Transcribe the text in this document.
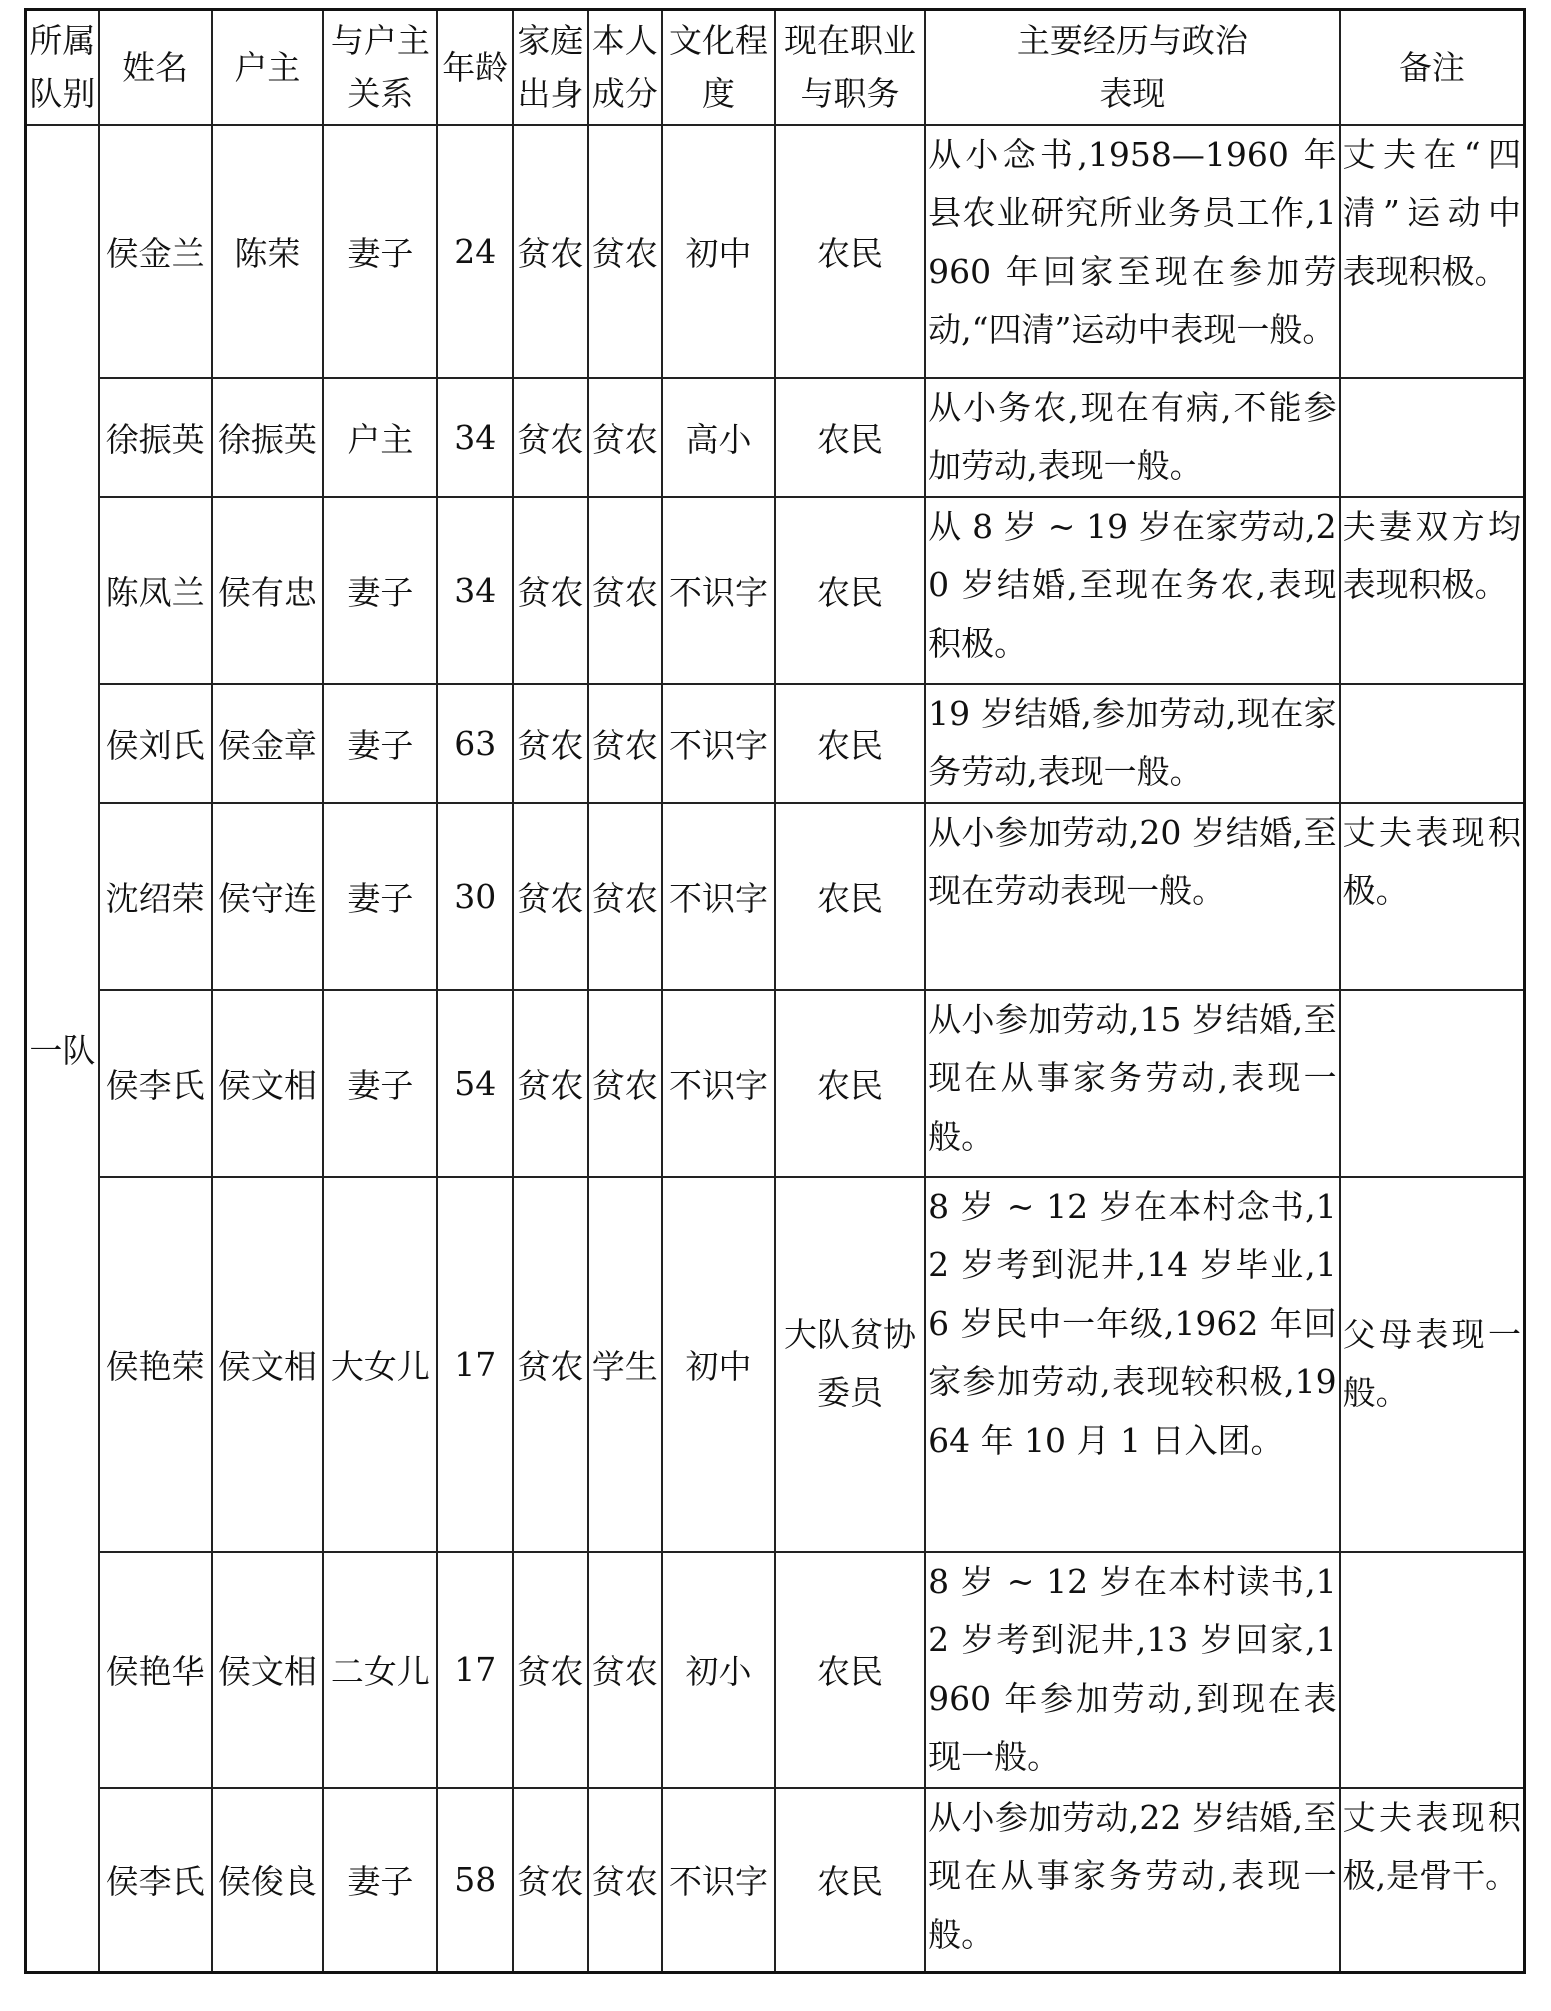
所属队别	姓名	户主	与户主关系	年龄	家庭出身	本人成分	文化程度	现在职业与职务	主要经历与政治表现	备注
一队	侯金兰	陈荣	妻子	24	贫农	贫农	初中	农民	从小念书,1958—1960 年县农业研究所业务员工作,1960 年回家至现在参加劳动,“四清”运动中表现一般。	丈夫在“四清”运动中表现积极。
	徐振英	徐振英	户主	34	贫农	贫农	高小	农民	从小务农,现在有病,不能参加劳动,表现一般。	
	陈凤兰	侯有忠	妻子	34	贫农	贫农	不识字	农民	从 8 岁 ~ 19 岁在家劳动,20 岁结婚,至现在务农,表现积极。	夫妻双方均表现积极。
	侯刘氏	侯金章	妻子	63	贫农	贫农	不识字	农民	19 岁结婚,参加劳动,现在家务劳动,表现一般。	
	沈绍荣	侯守连	妻子	30	贫农	贫农	不识字	农民	从小参加劳动,20 岁结婚,至现在劳动表现一般。	丈夫表现积极。
	侯李氏	侯文相	妻子	54	贫农	贫农	不识字	农民	从小参加劳动,15 岁结婚,至现在从事家务劳动,表现一般。	
	侯艳荣	侯文相	大女儿	17	贫农	学生	初中	大队贫协委员	8 岁 ~ 12 岁在本村念书,12 岁考到泥井,14 岁毕业,16 岁民中一年级,1962 年回家参加劳动,表现较积极,1964 年 10 月 1 日入团。	父母表现一般。
	侯艳华	侯文相	二女儿	17	贫农	贫农	初小	农民	8 岁 ~ 12 岁在本村读书,12 岁考到泥井,13 岁回家,1960 年参加劳动,到现在表现一般。	
	侯李氏	侯俊良	妻子	58	贫农	贫农	不识字	农民	从小参加劳动,22 岁结婚,至现在从事家务劳动,表现一般。	丈夫表现积极,是骨干。
